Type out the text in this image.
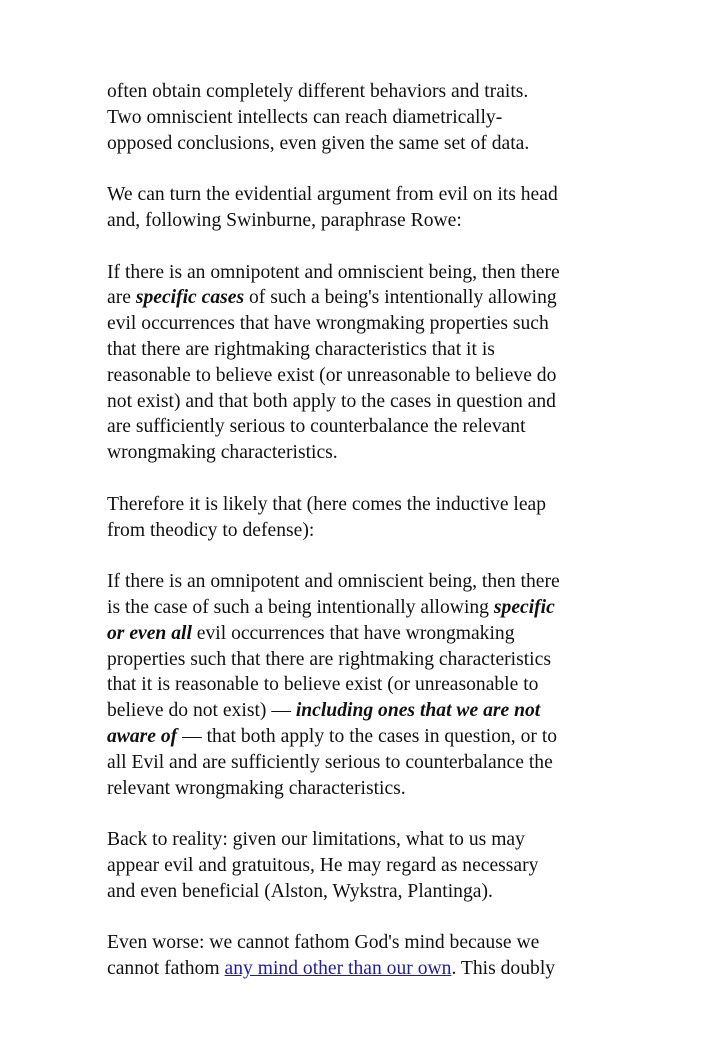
often obtain completely different behaviors and traits.
Two omniscient intellects can reach diametrically-
opposed conclusions, even given the same set of data.

We can turn the evidential argument from evil on its head
and, following Swinburne, paraphrase Rowe:

If there is an omnipotent and omniscient being, then there
are specific cases of such a being's intentionally allowing
evil occurrences that have wrongmaking properties such
that there are rightmaking characteristics that it is
reasonable to believe exist (or unreasonable to believe do
not exist) and that both apply to the cases in question and
are sufficiently serious to counterbalance the relevant
wrongmaking characteristics.

Therefore it is likely that (here comes the inductive leap
from theodicy to defense):

If there is an omnipotent and omniscient being, then there
is the case of such a being intentionally allowing specific
or even all evil occurrences that have wrongmaking
properties such that there are rightmaking characteristics
that it is reasonable to believe exist (or unreasonable to
believe do not exist) — including ones that we are not
aware of — that both apply to the cases in question, or to
all Evil and are sufficiently serious to counterbalance the
relevant wrongmaking characteristics.

Back to reality: given our limitations, what to us may
appear evil and gratuitous, He may regard as necessary
and even beneficial (Alston, Wykstra, Plantinga).

Even worse: we cannot fathom God's mind because we
cannot fathom any mind other than our own. This doubly
